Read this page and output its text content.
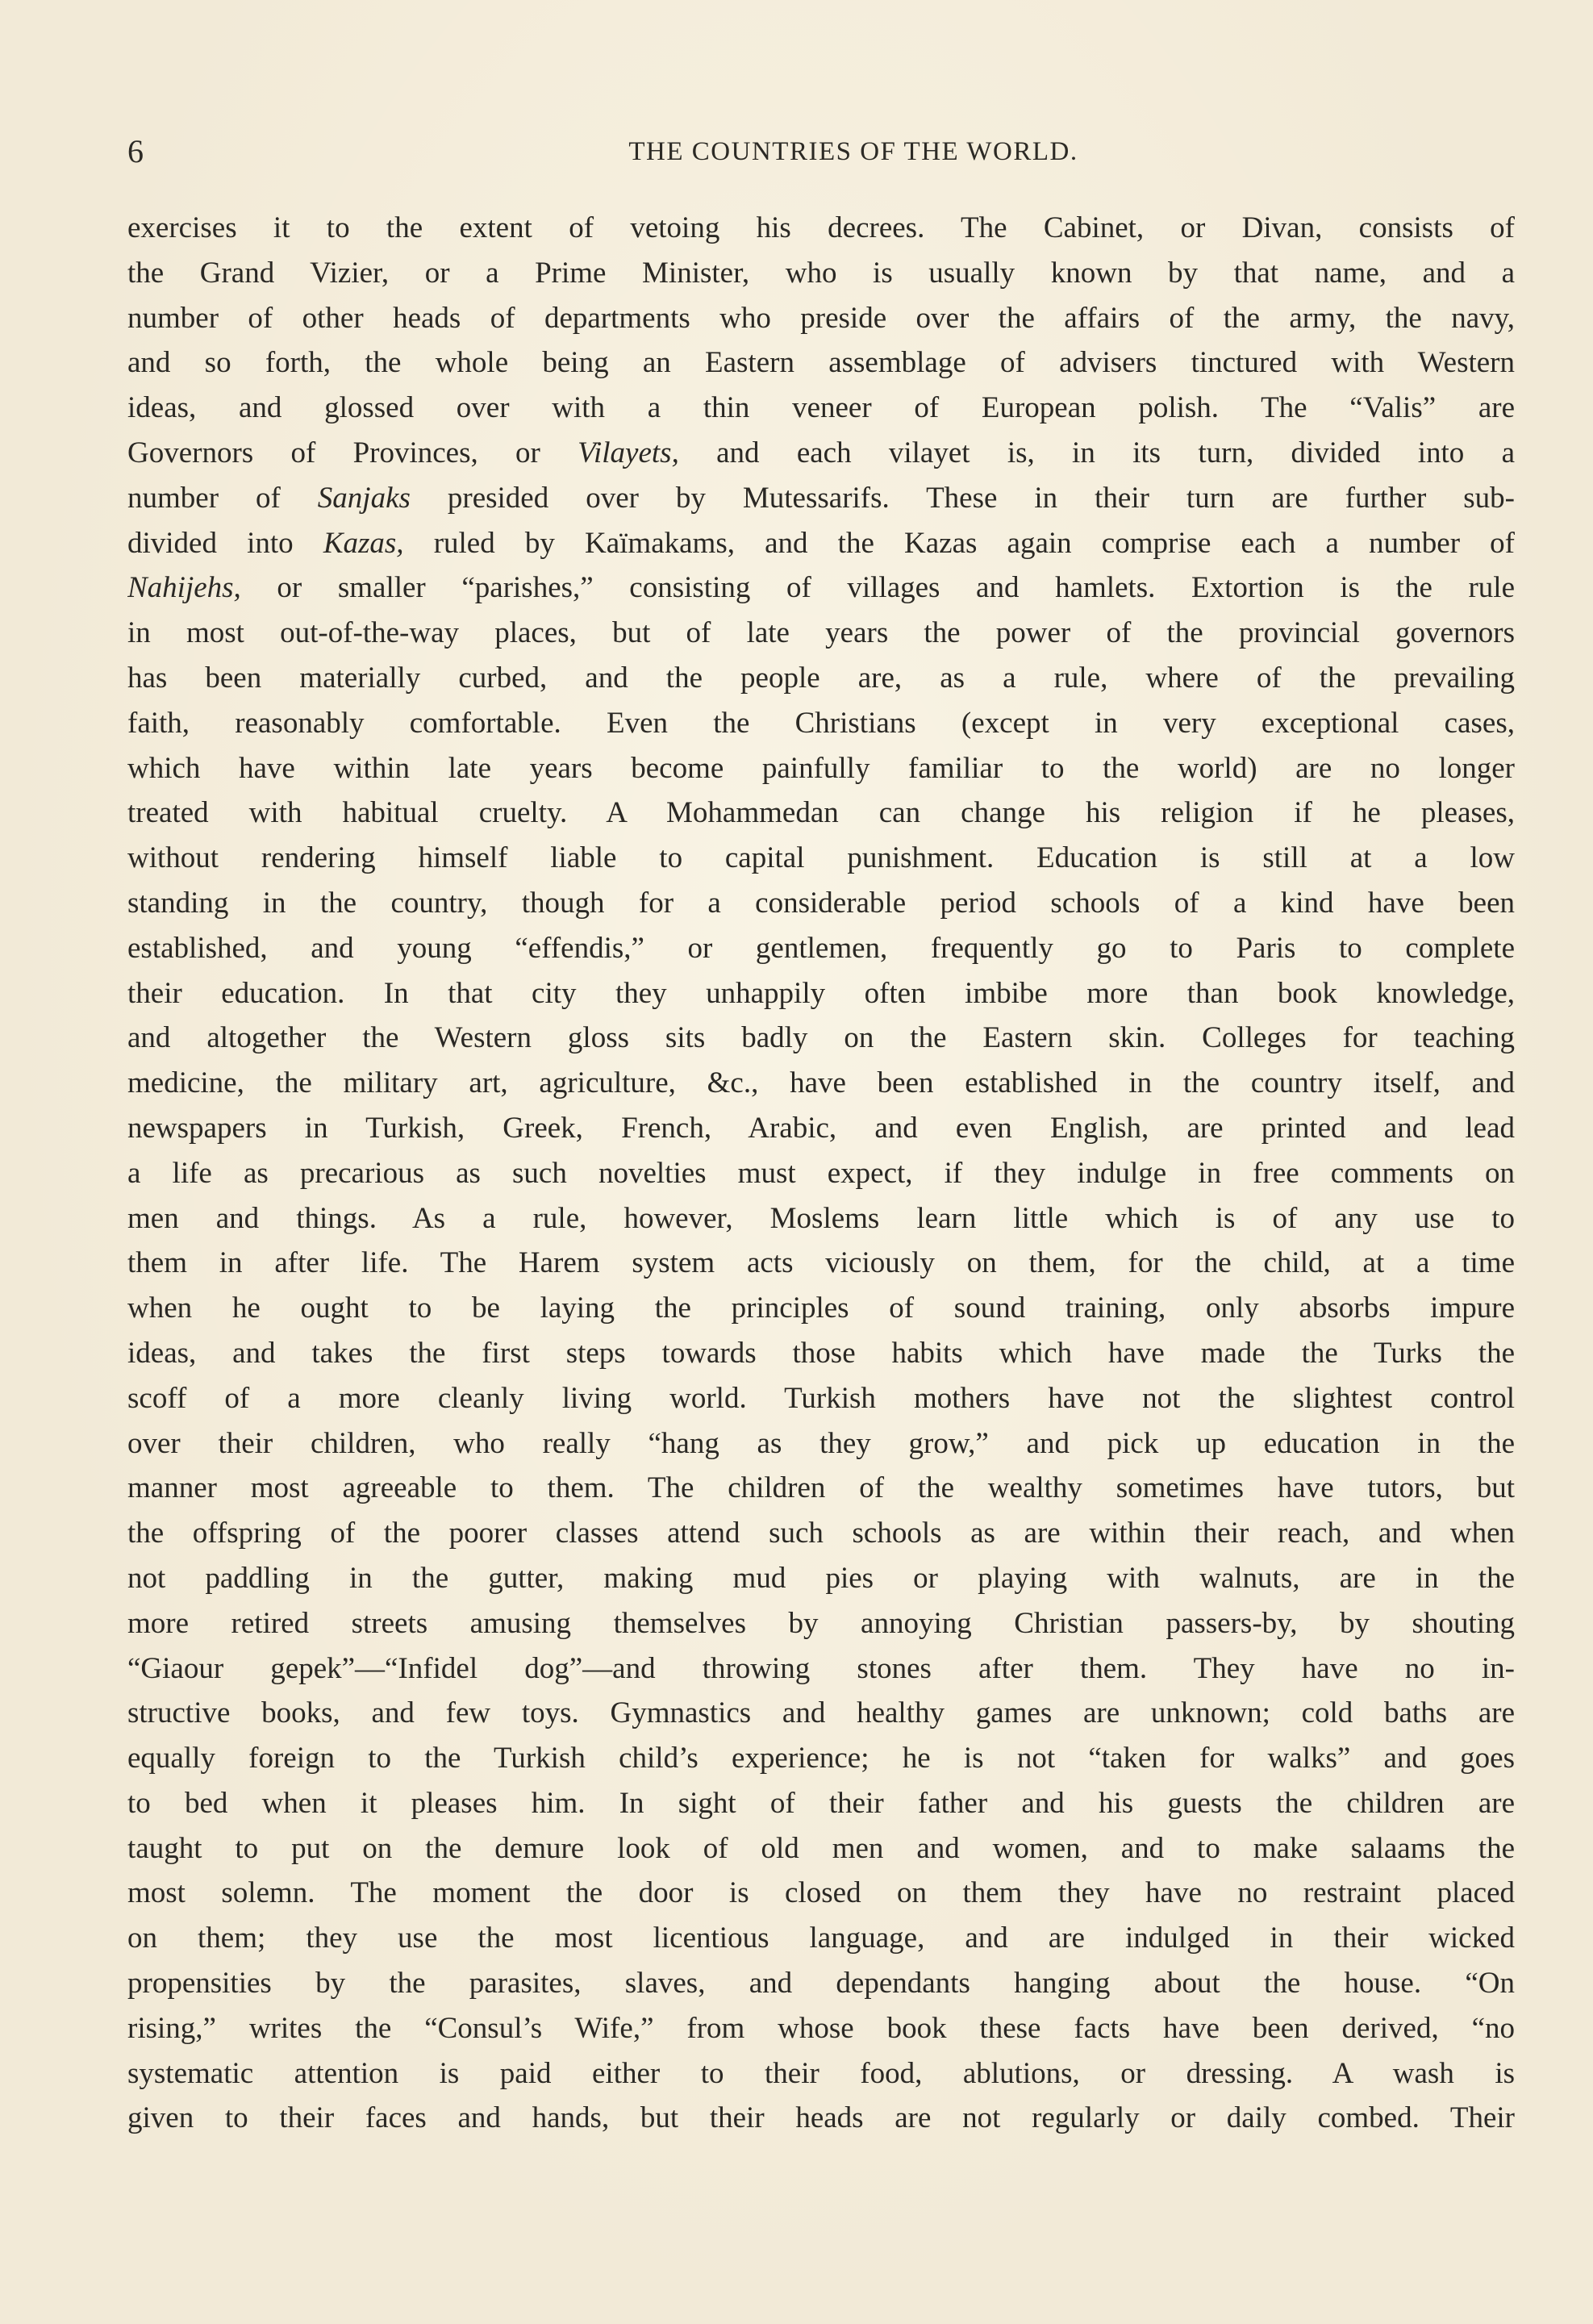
6	THE COUNTRIES OF THE WORLD.
exercises it to the extent of vetoing his decrees. The Cabinet, or Divan, consists of
the Grand Vizier, or a Prime Minister, who is usually known by that name, and a
number of other heads of departments who preside over the affairs of the army, the navy,
and so forth, the whole being an Eastern assemblage of advisers tinctured with Western
ideas, and glossed over with a thin veneer of European polish. The “Valis” are
Governors of Provinces, or Vilayets, and each vilayet is, in its turn, divided into a
number of Sanjaks presided over by Mutessarifs. These in their turn are further sub-
divided into Kazas, ruled by Kaïmakams, and the Kazas again comprise each a number of
Nahijehs, or smaller “parishes,” consisting of villages and hamlets. Extortion is the rule
in most out-of-the-way places, but of late years the power of the provincial governors
has been materially curbed, and the people are, as a rule, where of the prevailing
faith, reasonably comfortable. Even the Christians (except in very exceptional cases,
which have within late years become painfully familiar to the world) are no longer
treated with habitual cruelty. A Mohammedan can change his religion if he pleases,
without rendering himself liable to capital punishment. Education is still at a low
standing in the country, though for a considerable period schools of a kind have been
established, and young “effendis,” or gentlemen, frequently go to Paris to complete
their education. In that city they unhappily often imbibe more than book knowledge,
and altogether the Western gloss sits badly on the Eastern skin. Colleges for teaching
medicine, the military art, agriculture, &c., have been established in the country itself, and
newspapers in Turkish, Greek, French, Arabic, and even English, are printed and lead
a life as precarious as such novelties must expect, if they indulge in free comments on
men and things. As a rule, however, Moslems learn little which is of any use to
them in after life. The Harem system acts viciously on them, for the child, at a time
when he ought to be laying the principles of sound training, only absorbs impure
ideas, and takes the first steps towards those habits which have made the Turks the
scoff of a more cleanly living world. Turkish mothers have not the slightest control
over their children, who really “hang as they grow,” and pick up education in the
manner most agreeable to them. The children of the wealthy sometimes have tutors, but
the offspring of the poorer classes attend such schools as are within their reach, and when
not paddling in the gutter, making mud pies or playing with walnuts, are in the
more retired streets amusing themselves by annoying Christian passers-by, by shouting
“Giaour gepek”—“Infidel dog”—and throwing stones after them. They have no in-
structive books, and few toys. Gymnastics and healthy games are unknown; cold baths are
equally foreign to the Turkish child’s experience; he is not “taken for walks” and goes
to bed when it pleases him. In sight of their father and his guests the children are
taught to put on the demure look of old men and women, and to make salaams the
most solemn. The moment the door is closed on them they have no restraint placed
on them; they use the most licentious language, and are indulged in their wicked
propensities by the parasites, slaves, and dependants hanging about the house. “On
rising,” writes the “Consul’s Wife,” from whose book these facts have been derived, “no
systematic attention is paid either to their food, ablutions, or dressing. A wash is
given to their faces and hands, but their heads are not regularly or daily combed. Their
